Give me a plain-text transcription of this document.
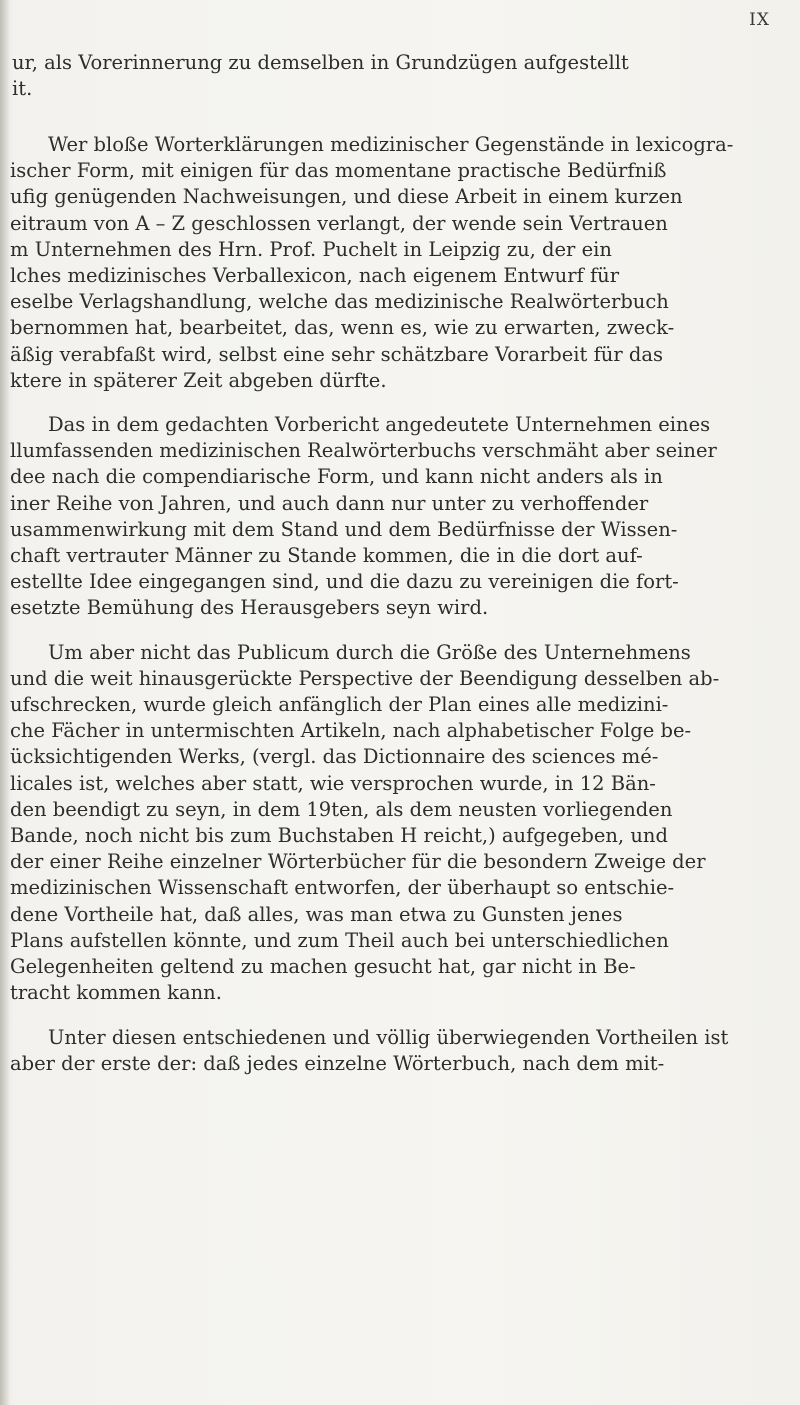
IX
ur, als Vorerinnerung zu demselben in Grundzügen aufgestellt
it.
Wer bloße Worterklärungen medizinischer Gegenstände in lexicogra-
ischer Form, mit einigen für das momentane practische Bedürfniß
ufig genügenden Nachweisungen, und diese Arbeit in einem kurzen
eitraum von A – Z geschlossen verlangt, der wende sein Vertrauen
m Unternehmen des Hrn. Prof. Puchelt in Leipzig zu, der ein
lches medizinisches Verballexicon, nach eigenem Entwurf für
eselbe Verlagshandlung, welche das medizinische Realwörterbuch
bernommen hat, bearbeitet, das, wenn es, wie zu erwarten, zweck-
äßig verabfaßt wird, selbst eine sehr schätzbare Vorarbeit für das
ktere in späterer Zeit abgeben dürfte.
Das in dem gedachten Vorbericht angedeutete Unternehmen eines
llumfassenden medizinischen Realwörterbuchs verschmäht aber seiner
dee nach die compendiarische Form, und kann nicht anders als in
iner Reihe von Jahren, und auch dann nur unter zu verhoffender
usammenwirkung mit dem Stand und dem Bedürfnisse der Wissen-
chaft vertrauter Männer zu Stande kommen, die in die dort auf-
estellte Idee eingegangen sind, und die dazu zu vereinigen die fort-
esetzte Bemühung des Herausgebers seyn wird.
Um aber nicht das Publicum durch die Größe des Unternehmens
und die weit hinausgerückte Perspective der Beendigung desselben ab-
ufschrecken, wurde gleich anfänglich der Plan eines alle medizini-
che Fächer in untermischten Artikeln, nach alphabetischer Folge be-
ücksichtigenden Werks, (vergl. das Dictionnaire des sciences mé-
licales ist, welches aber statt, wie versprochen wurde, in 12 Bän-
den beendigt zu seyn, in dem 19ten, als dem neusten vorliegenden
Bande, noch nicht bis zum Buchstaben H reicht,) aufgegeben, und
der einer Reihe einzelner Wörterbücher für die besondern Zweige der
medizinischen Wissenschaft entworfen, der überhaupt so entschie-
dene Vortheile hat, daß alles, was man etwa zu Gunsten jenes
Plans aufstellen könnte, und zum Theil auch bei unterschiedlichen
Gelegenheiten geltend zu machen gesucht hat, gar nicht in Be-
tracht kommen kann.
Unter diesen entschiedenen und völlig überwiegenden Vortheilen ist
aber der erste der: daß jedes einzelne Wörterbuch, nach dem mit-
